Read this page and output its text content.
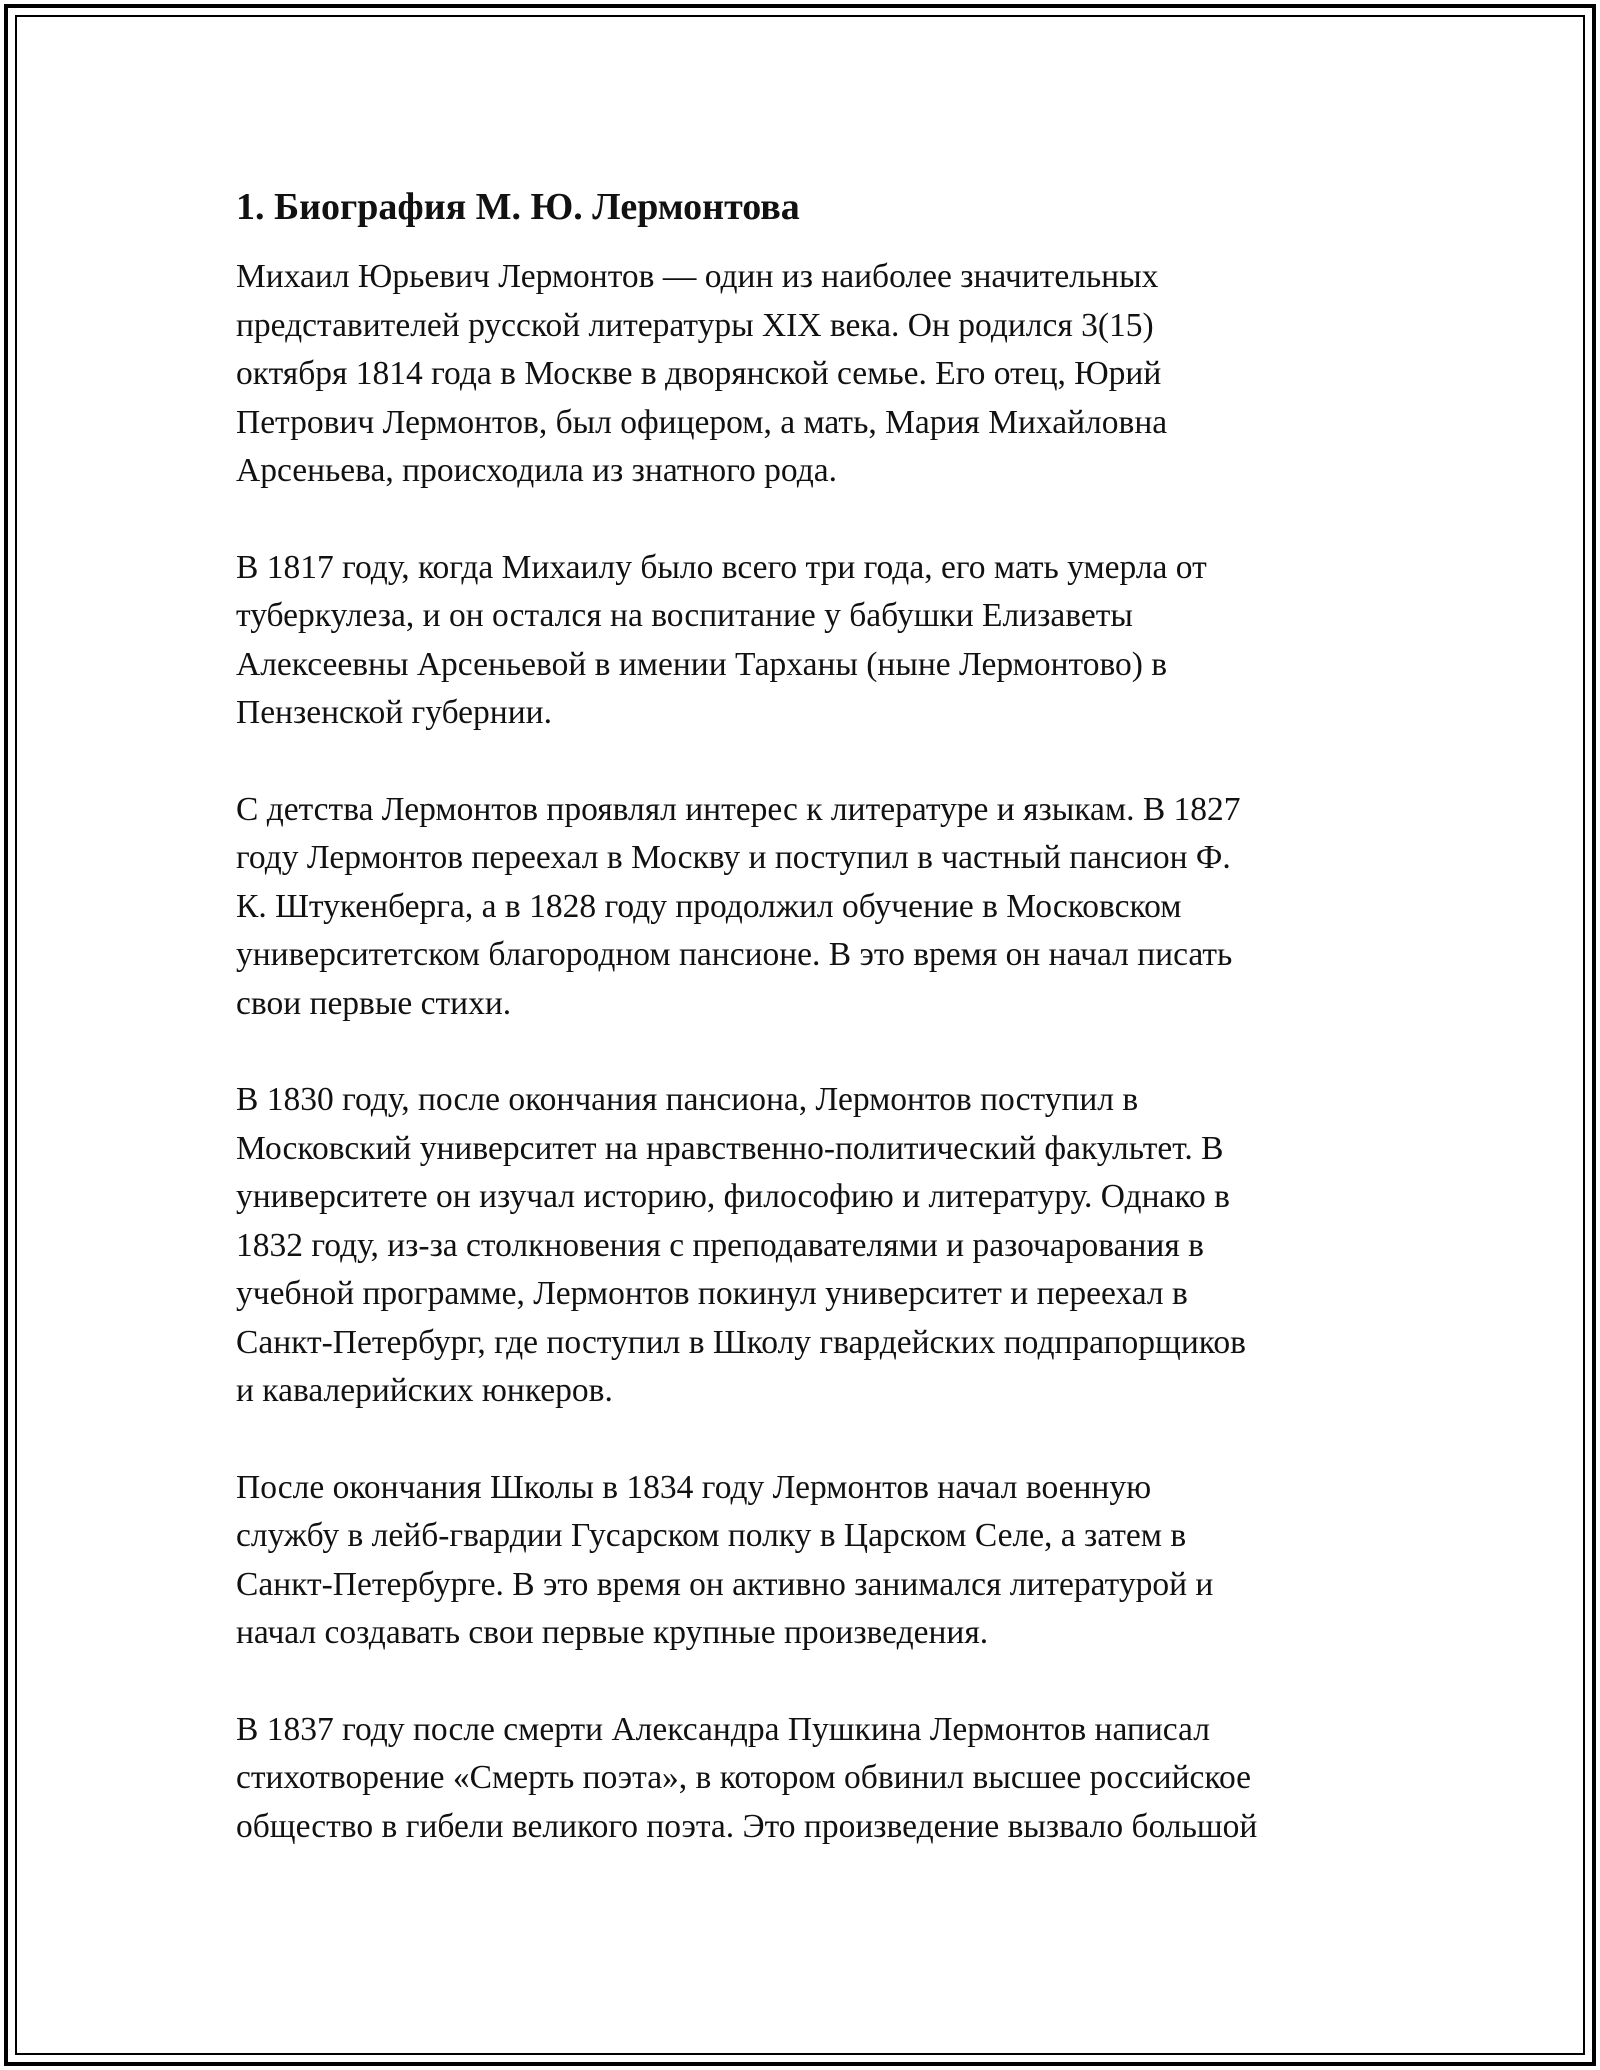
1. Биография М. Ю. Лермонтова

Михаил Юрьевич Лермонтов — один из наиболее значительных
представителей русской литературы XIX века. Он родился 3(15)
октября 1814 года в Москве в дворянской семье. Его отец, Юрий
Петрович Лермонтов, был офицером, а мать, Мария Михайловна
Арсеньева, происходила из знатного рода.

В 1817 году, когда Михаилу было всего три года, его мать умерла от
туберкулеза, и он остался на воспитание у бабушки Елизаветы
Алексеевны Арсеньевой в имении Тарханы (ныне Лермонтово) в
Пензенской губернии.

С детства Лермонтов проявлял интерес к литературе и языкам. В 1827
году Лермонтов переехал в Москву и поступил в частный пансион Ф.
К. Штукенберга, а в 1828 году продолжил обучение в Московском
университетском благородном пансионе. В это время он начал писать
свои первые стихи.

В 1830 году, после окончания пансиона, Лермонтов поступил в
Московский университет на нравственно-политический факультет. В
университете он изучал историю, философию и литературу. Однако в
1832 году, из-за столкновения с преподавателями и разочарования в
учебной программе, Лермонтов покинул университет и переехал в
Санкт-Петербург, где поступил в Школу гвардейских подпрапорщиков
и кавалерийских юнкеров.

После окончания Школы в 1834 году Лермонтов начал военную
службу в лейб-гвардии Гусарском полку в Царском Селе, а затем в
Санкт-Петербурге. В это время он активно занимался литературой и
начал создавать свои первые крупные произведения.

В 1837 году после смерти Александра Пушкина Лермонтов написал
стихотворение «Смерть поэта», в котором обвинил высшее российское
общество в гибели великого поэта. Это произведение вызвало большой
